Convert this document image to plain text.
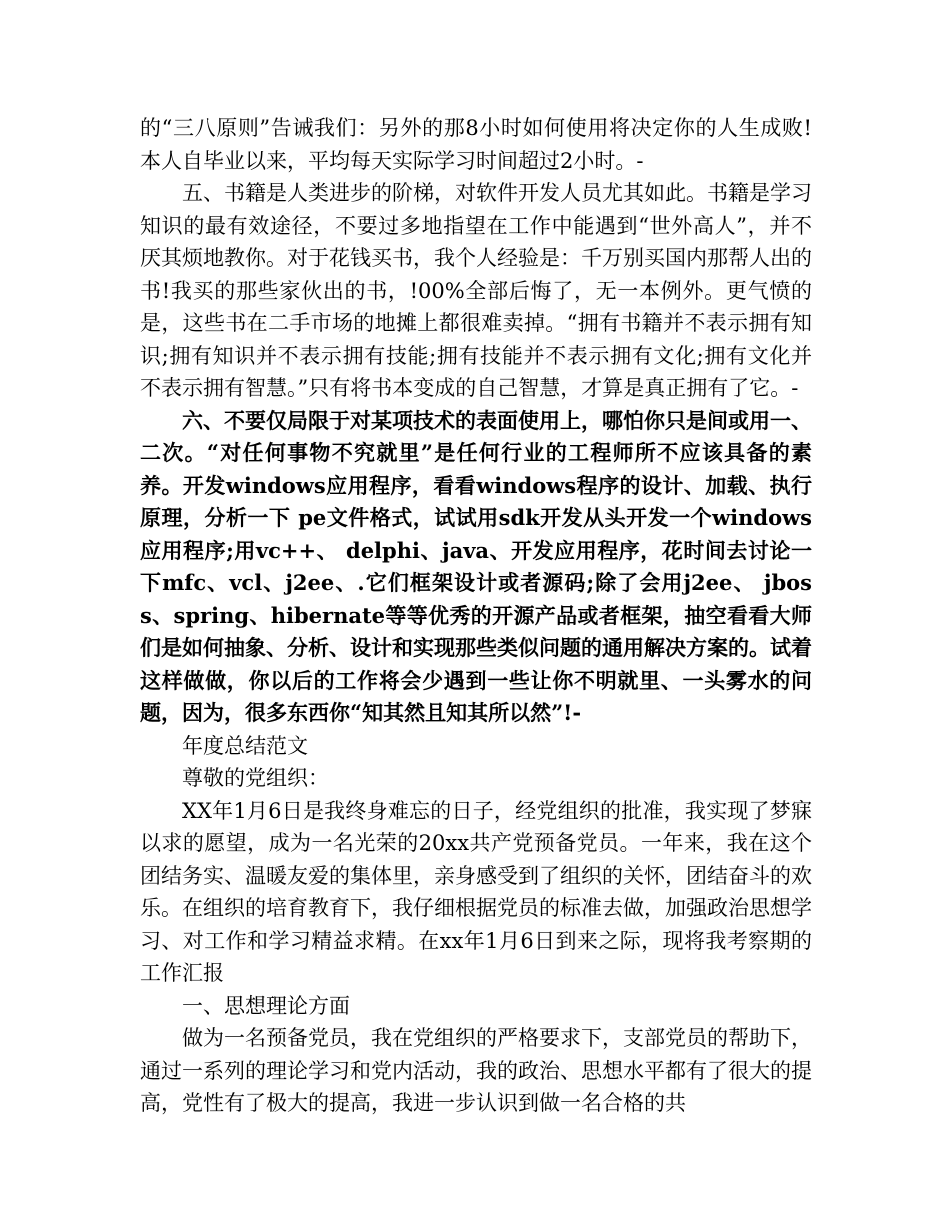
的“三八原则”告诫我们：另外的那8小时如何使用将决定你的人生成败!本人自毕业以来，平均每天实际学习时间超过2小时。-

五、书籍是人类进步的阶梯，对软件开发人员尤其如此。书籍是学习知识的最有效途径，不要过多地指望在工作中能遇到“世外高人”，并不厌其烦地教你。对于花钱买书，我个人经验是：千万别买国内那帮人出的书!我买的那些家伙出的书，!00%全部后悔了，无一本例外。更气愤的是，这些书在二手市场的地摊上都很难卖掉。“拥有书籍并不表示拥有知识;拥有知识并不表示拥有技能;拥有技能并不表示拥有文化;拥有文化并不表示拥有智慧。”只有将书本变成的自己智慧，才算是真正拥有了它。-

六、不要仅局限于对某项技术的表面使用上，哪怕你只是间或用一、二次。“对任何事物不究就里”是任何行业的工程师所不应该具备的素养。开发windows应用程序，看看windows程序的设计、加载、执行原理，分析一下 pe文件格式，试试用sdk开发从头开发一个windows应用程序;用vc++、 delphi、java、开发应用程序，花时间去讨论一下mfc、vcl、j2ee、.它们框架设计或者源码;除了会用j2ee、 jboss、spring、hibernate等等优秀的开源产品或者框架，抽空看看大师们是如何抽象、分析、设计和实现那些类似问题的通用解决方案的。试着这样做做，你以后的工作将会少遇到一些让你不明就里、一头雾水的问题，因为，很多东西你“知其然且知其所以然”!-

年度总结范文

尊敬的党组织：

XX年1月6日是我终身难忘的日子，经党组织的批准，我实现了梦寐以求的愿望，成为一名光荣的20xx共产党预备党员。一年来，我在这个团结务实、温暖友爱的集体里，亲身感受到了组织的关怀，团结奋斗的欢乐。在组织的培育教育下，我仔细根据党员的标准去做，加强政治思想学习、对工作和学习精益求精。在xx年1月6日到来之际，现将我考察期的工作汇报

一、思想理论方面

做为一名预备党员，我在党组织的严格要求下，支部党员的帮助下，通过一系列的理论学习和党内活动，我的政治、思想水平都有了很大的提高，党性有了极大的提高，我进一步认识到做一名合格的共
